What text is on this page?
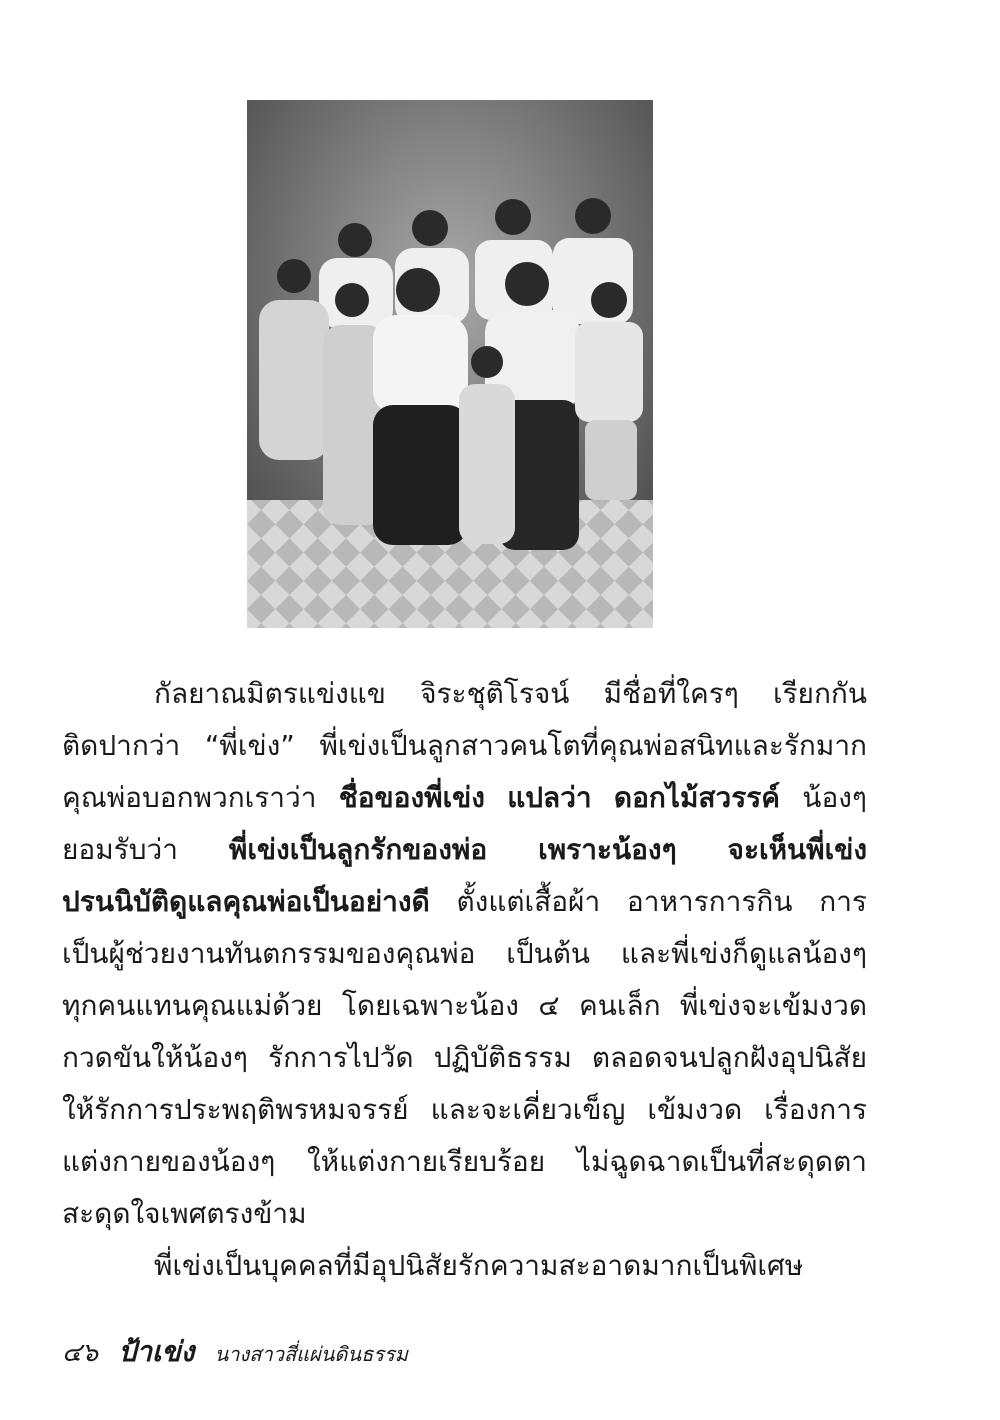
กัลยาณมิตรแข่งแข จิระชุติโรจน์ มีชื่อที่ใครๆ เรียกกัน
ติดปากว่า “พี่เข่ง” พี่เข่งเป็นลูกสาวคนโตที่คุณพ่อสนิทและรักมาก
คุณพ่อบอกพวกเราว่า ชื่อของพี่เข่ง แปลว่า ดอกไม้สวรรค์ น้องๆ
ยอมรับว่า พี่เข่งเป็นลูกรักของพ่อ เพราะน้องๆ จะเห็นพี่เข่ง
ปรนนิบัติดูแลคุณพ่อเป็นอย่างดี ตั้งแต่เสื้อผ้า อาหารการกิน การ
เป็นผู้ช่วยงานทันตกรรมของคุณพ่อ เป็นต้น และพี่เข่งก็ดูแลน้องๆ
ทุกคนแทนคุณแม่ด้วย โดยเฉพาะน้อง ๔ คนเล็ก พี่เข่งจะเข้มงวด
กวดขันให้น้องๆ รักการไปวัด ปฏิบัติธรรม ตลอดจนปลูกฝังอุปนิสัย
ให้รักการประพฤติพรหมจรรย์ และจะเคี่ยวเข็ญ เข้มงวด เรื่องการ
แต่งกายของน้องๆ ให้แต่งกายเรียบร้อย ไม่ฉูดฉาดเป็นที่สะดุดตา
สะดุดใจเพศตรงข้าม
พี่เข่งเป็นบุคคลที่มีอุปนิสัยรักความสะอาดมากเป็นพิเศษ
๔๖ ป้าเข่ง นางสาวสี่แผ่นดินธรรม
